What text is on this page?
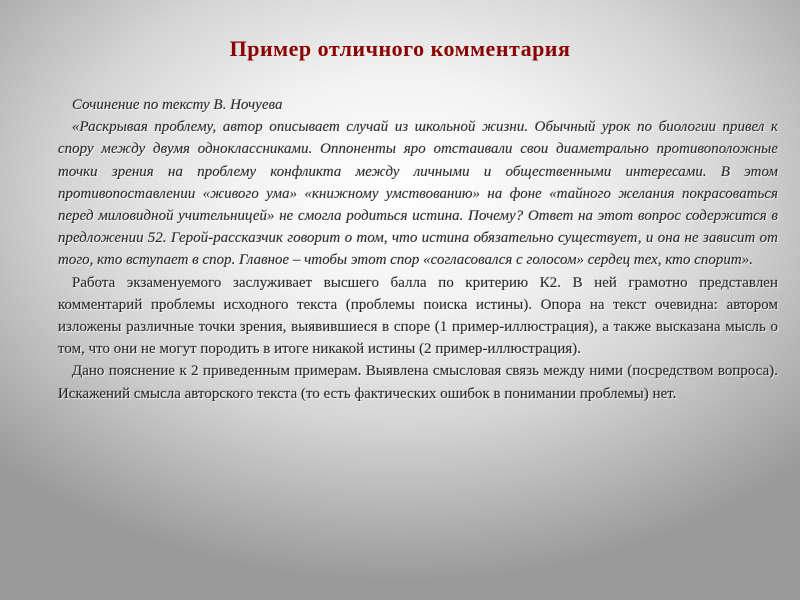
Пример отличного комментария

Сочинение по тексту В. Ночуева

«Раскрывая проблему, автор описывает случай из школьной жизни. Обычный урок по биологии привел к спору между двумя одноклассниками. Оппоненты яро отстаивали свои диаметрально противоположные точки зрения на проблему конфликта между личными и общественными интересами. В этом противопоставлении «живого ума» «книжному умствованию» на фоне «тайного желания покрасоваться перед миловидной учительницей» не смогла родиться истина. Почему? Ответ на этот вопрос содержится в предложении 52. Герой-рассказчик говорит о том, что истина обязательно существует, и она не зависит от того, кто вступает в спор. Главное – чтобы этот спор «согласовался с голосом» сердец тех, кто спорит».

Работа экзаменуемого заслуживает высшего балла по критерию К2. В ней грамотно представлен комментарий проблемы исходного текста (проблемы поиска истины). Опора на текст очевидна: автором изложены различные точки зрения, выявившиеся в споре (1 пример-иллюстрация), а также высказана мысль о том, что они не могут породить в итоге никакой истины (2 пример-иллюстрация).

Дано пояснение к 2 приведенным примерам. Выявлена смысловая связь между ними (посредством вопроса). Искажений смысла авторского текста (то есть фактических ошибок в понимании проблемы) нет.
